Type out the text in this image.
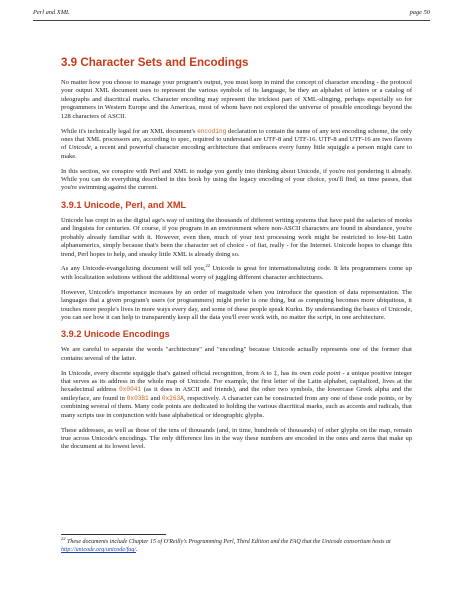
Perl and XML	page 50
3.9 Character Sets and Encodings

No matter how you choose to manage your program's output, you must keep in mind the concept of character encoding - the protocol your output XML document uses to represent the various symbols of its language, be they an alphabet of letters or a catalog of ideographs and diacritical marks. Character encoding may represent the trickiest part of XML-slinging, perhaps especially so for programmers in Western Europe and the Americas, most of whom have not explored the universe of possible encodings beyond the 128 characters of ASCII.

While it's technically legal for an XML document's encoding declaration to contain the name of any text encoding scheme, the only ones that XML processors are, according to spec, required to understand are UTF-8 and UTF-16. UTF-8 and UTF-16 are two flavors of Unicode, a recent and powerful character encoding architecture that embraces every funny little squiggle a person might care to make.

In this section, we conspire with Perl and XML to nudge you gently into thinking about Unicode, if you're not pondering it already. While you can do everything described in this book by using the legacy encoding of your choice, you'll find, as time passes, that you're swimming against the current.

3.9.1 Unicode, Perl, and XML

Unicode has crept in as the digital age's way of uniting the thousands of different writing systems that have paid the salaries of monks and linguists for centuries. Of course, if you program in an environment where non-ASCII characters are found in abundance, you're probably already familiar with it. However, even then, much of your text processing work might be restricted to low-bit Latin alphanumerics, simply because that's been the character set of choice - of fiat, really - for the Internet. Unicode hopes to change this trend, Perl hopes to help, and sneaky little XML is already doing so.

As any Unicode-evangelizing document will tell you,$^{22}$ Unicode is great for internationalizing code. It lets programmers come up with localization solutions without the additional worry of juggling different character architectures.

However, Unicode's importance increases by an order of magnitude when you introduce the question of data representation. The languages that a given program's users (or programmers) might prefer is one thing, but as computing becomes more ubiquitous, it touches more people's lives in more ways every day, and some of these people speak Kurku. By understanding the basics of Unicode, you can see how it can help to transparently keep all the data you'll ever work with, no matter the script, in one architecture.

3.9.2 Unicode Encodings

We are careful to separate the words "architecture" and "encoding" because Unicode actually represents one of the former that contains several of the latter.

In Unicode, every discrete squiggle that's gained official recognition, from A to ‡, has its own code point - a unique positive integer that serves as its address in the whole map of Unicode. For example, the first letter of the Latin alphabet, capitalized, lives at the hexadecimal address 0x0041 (as it does in ASCII and friends), and the other two symbols, the lowercase Greek alpha and the smileyface, are found in 0x03B1 and 0x263A, respectively. A character can be constructed from any one of these code points, or by combining several of them. Many code points are dedicated to holding the various diacritical marks, such as accents and radicals, that many scripts use in conjunction with base alphabetical or ideographic glyphs.

These addresses, as well as those of the tens of thousands (and, in time, hundreds of thousands) of other glyphs on the map, remain true across Unicode's encodings. The only difference lies in the way these numbers are encoded in the ones and zeros that make up the document at its lowest level.

$^{22}$ These documents include Chapter 15 of O'Reilly's Programming Perl, Third Edition and the FAQ that the Unicode consortium hosts at http://unicode.org/unicode/faq/.
